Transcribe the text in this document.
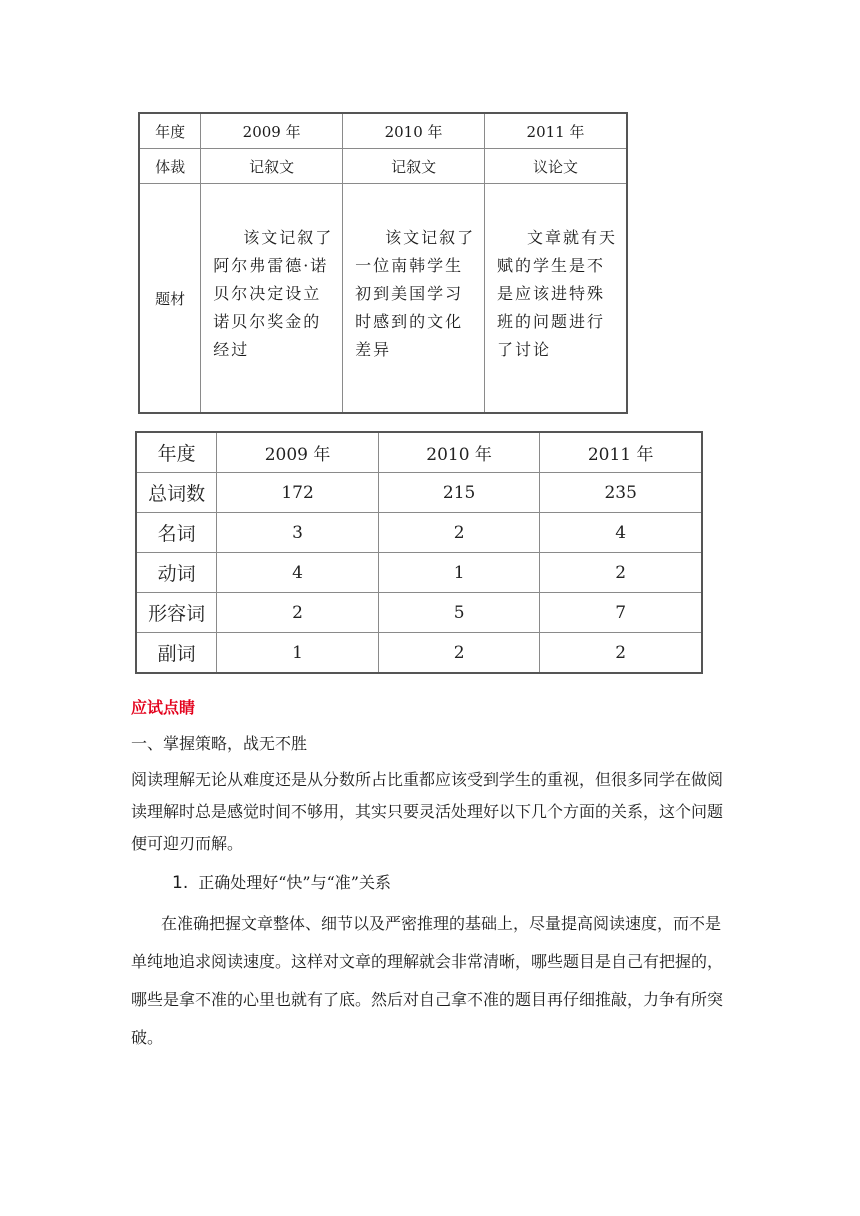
年度	2009 年	2010 年	2011 年
体裁	记叙文	记叙文	议论文
题材	该文记叙了阿尔弗雷德·诺贝尔决定设立诺贝尔奖金的经过	该文记叙了一位南韩学生初到美国学习时感到的文化差异	文章就有天赋的学生是不是应该进特殊班的问题进行了讨论
年度	2009 年	2010 年	2011 年
总词数	172	215	235
名词	3	2	4
动词	4	1	2
形容词	2	5	7
副词	1	2	2
应试点睛
一、掌握策略，战无不胜
阅读理解无论从难度还是从分数所占比重都应该受到学生的重视，但很多同学在做阅读理解时总是感觉时间不够用，其实只要灵活处理好以下几个方面的关系，这个问题便可迎刃而解。
1. 正确处理好“快”与“准”关系
在准确把握文章整体、细节以及严密推理的基础上，尽量提高阅读速度，而不是单纯地追求阅读速度。这样对文章的理解就会非常清晰，哪些题目是自己有把握的，哪些是拿不准的心里也就有了底。然后对自己拿不准的题目再仔细推敲，力争有所突破。
